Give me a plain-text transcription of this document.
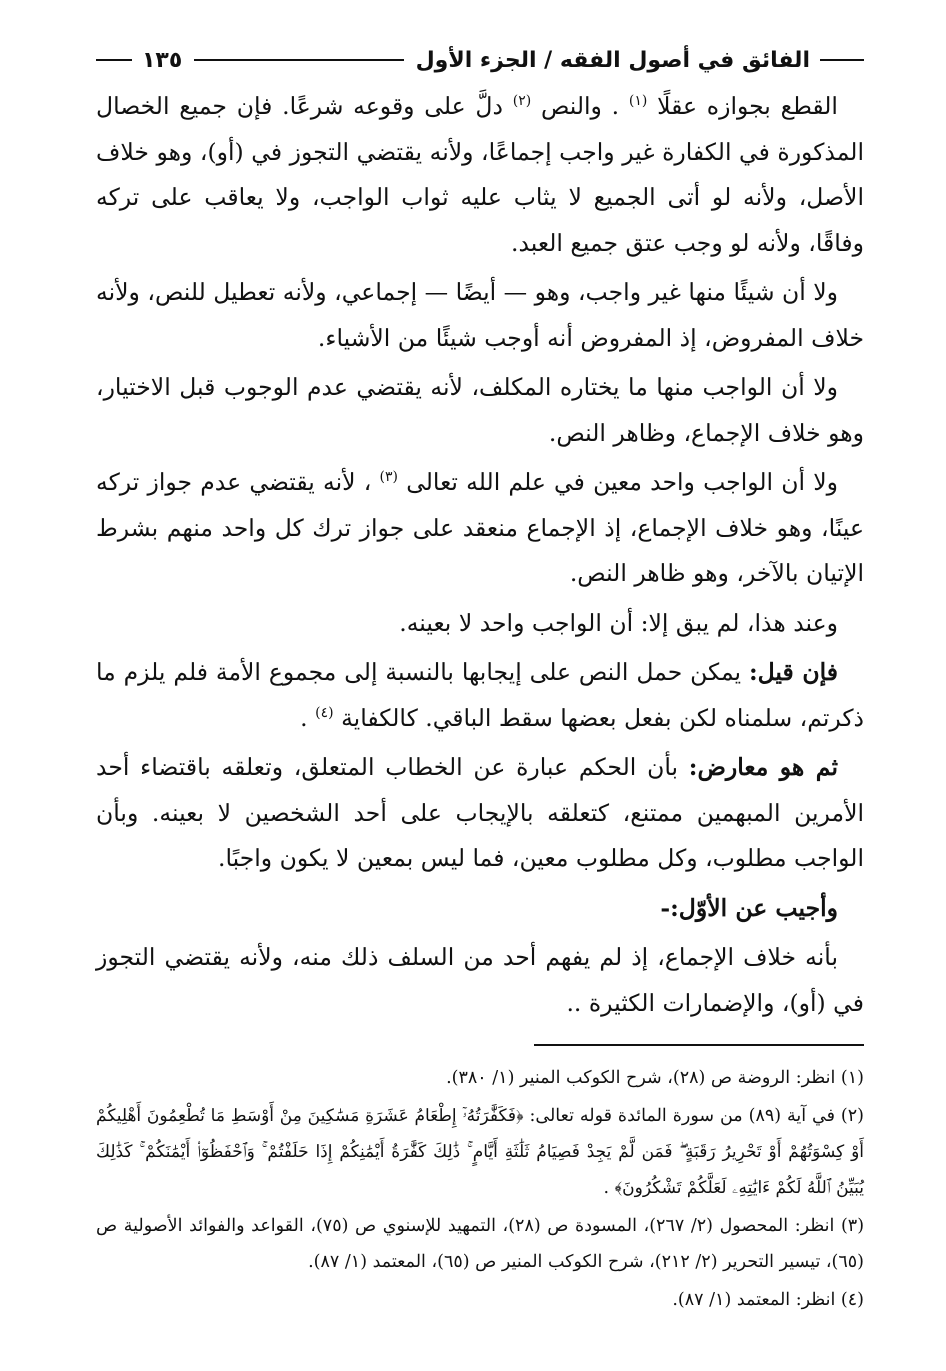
الفائق في أصول الفقه / الجزء الأول
١٣٥

القطع بجوازه عقلًا $^{(١)}$ . والنص $^{(٢)}$ دلَّ على وقوعه شرعًا. فإن جميع الخصال المذكورة في الكفارة غير واجب إجماعًا، ولأنه يقتضي التجوز في (أو)، وهو خلاف الأصل، ولأنه لو أتى الجميع لا يثاب عليه ثواب الواجب، ولا يعاقب على تركه وفاقًا، ولأنه لو وجب عتق جميع العبد.

ولا أن شيئًا منها غير واجب، وهو — أيضًا — إجماعي، ولأنه تعطيل للنص، ولأنه خلاف المفروض، إذ المفروض أنه أوجب شيئًا من الأشياء.

ولا أن الواجب منها ما يختاره المكلف، لأنه يقتضي عدم الوجوب قبل الاختيار، وهو خلاف الإجماع، وظاهر النص.

ولا أن الواجب واحد معين في علم الله تعالى $^{(٣)}$ ، لأنه يقتضي عدم جواز تركه عينًا، وهو خلاف الإجماع، إذ الإجماع منعقد على جواز ترك كل واحد منهم بشرط الإتيان بالآخر، وهو ظاهر النص.

وعند هذا، لم يبق إلا: أن الواجب واحد لا بعينه.

فإن قيل: يمكن حمل النص على إيجابها بالنسبة إلى مجموع الأمة فلم يلزم ما ذكرتم، سلمناه لكن بفعل بعضها سقط الباقي. كالكفاية $^{(٤)}$ .

ثم هو معارض: بأن الحكم عبارة عن الخطاب المتعلق، وتعلقه باقتضاء أحد الأمرين المبهمين ممتنع، كتعلقه بالإيجاب على أحد الشخصين لا بعينه. وبأن الواجب مطلوب، وكل مطلوب معين، فما ليس بمعين لا يكون واجبًا.

وأجيب عن الأوّل:-

بأنه خلاف الإجماع، إذ لم يفهم أحد من السلف ذلك منه، ولأنه يقتضي التجوز في (أو)، والإضمارات الكثيرة ..

(١) انظر: الروضة ص (٢٨)، شرح الكوكب المنير (١/ ٣٨٠).

(٢) في آية (٨٩) من سورة المائدة قوله تعالى: ﴿فَكَفَّٰرَتُهُۥٓ إِطْعَامُ عَشَرَةِ مَسَٰكِينَ مِنْ أَوْسَطِ مَا تُطْعِمُونَ أَهْلِيكُمْ أَوْ كِسْوَتُهُمْ أَوْ تَحْرِيرُ رَقَبَةٍ ۖ فَمَن لَّمْ يَجِدْ فَصِيَامُ ثَلَٰثَةِ أَيَّامٍ ۚ ذَٰلِكَ كَفَّٰرَةُ أَيْمَٰنِكُمْ إِذَا حَلَفْتُمْ ۚ وَٱحْفَظُوٓا۟ أَيْمَٰنَكُمْ ۚ كَذَٰلِكَ يُبَيِّنُ ٱللَّهُ لَكُمْ ءَايَٰتِهِۦ لَعَلَّكُمْ تَشْكُرُونَ﴾ .

(٣) انظر: المحصول (٢/ ٢٦٧)، المسودة ص (٢٨)، التمهيد للإسنوي ص (٧٥)، القواعد والفوائد الأصولية ص (٦٥)، تيسير التحرير (٢/ ٢١٢)، شرح الكوكب المنير ص (٦٥)، المعتمد (١/ ٨٧).

(٤) انظر: المعتمد (١/ ٨٧).
